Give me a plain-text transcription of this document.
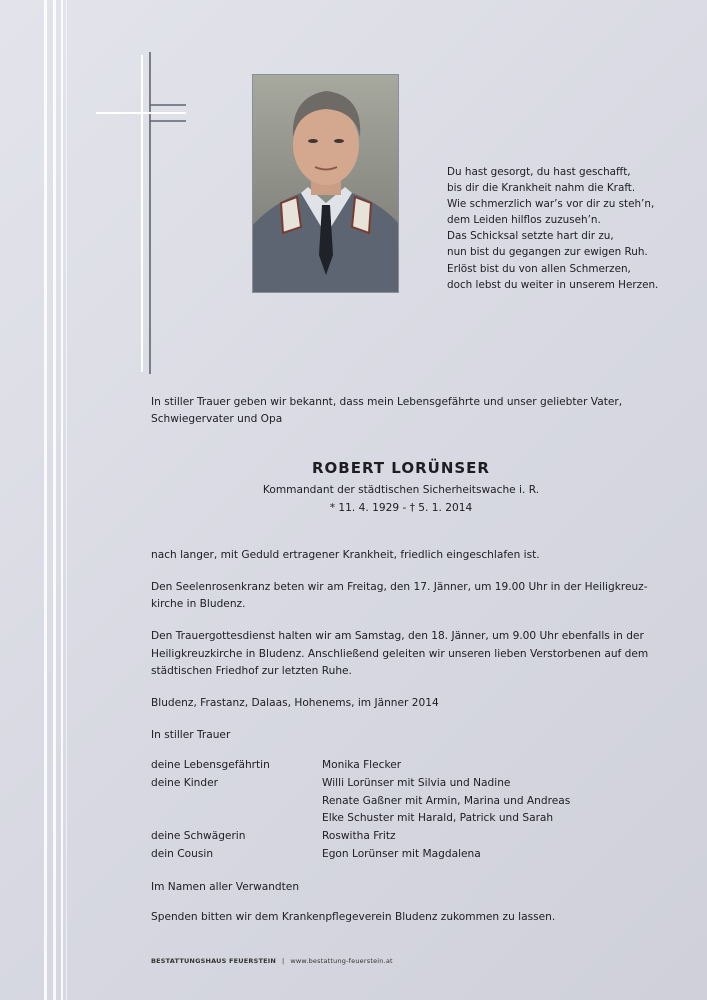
Du hast gesorgt, du hast geschafft,
bis dir die Krankheit nahm die Kraft.
Wie schmerzlich war’s vor dir zu steh’n,
dem Leiden hilflos zuzuseh’n.
Das Schicksal setzte hart dir zu,
nun bist du gegangen zur ewigen Ruh.
Erlöst bist du von allen Schmerzen,
doch lebst du weiter in unserem Herzen.
In stiller Trauer geben wir bekannt, dass mein Lebensgefährte und unser geliebter Vater,
Schwiegervater und Opa
ROBERT LORÜNSER
Kommandant der städtischen Sicherheitswache i. R.
* 11. 4. 1929 - † 5. 1. 2014
nach langer, mit Geduld ertragener Krankheit, friedlich eingeschlafen ist.
Den Seelenrosenkranz beten wir am Freitag, den 17. Jänner, um 19.00 Uhr in der Heiligkreuz-
kirche in Bludenz.
Den Trauergottesdienst halten wir am Samstag, den 18. Jänner, um 9.00 Uhr ebenfalls in der
Heiligkreuzkirche in Bludenz. Anschließend geleiten wir unseren lieben Verstorbenen auf dem
städtischen Friedhof zur letzten Ruhe.
Bludenz, Frastanz, Dalaas, Hohenems, im Jänner 2014
In stiller Trauer
deine Lebensgefährtin	Monika Flecker
deine Kinder	Willi Lorünser mit Silvia und Nadine
Renate Gaßner mit Armin, Marina und Andreas
Elke Schuster mit Harald, Patrick und Sarah
deine Schwägerin	Roswitha Fritz
dein Cousin	Egon Lorünser mit Magdalena
Im Namen aller Verwandten
Spenden bitten wir dem Krankenpflegeverein Bludenz zukommen zu lassen.
BESTATTUNGSHAUS FEUERSTEIN | www.bestattung-feuerstein.at
